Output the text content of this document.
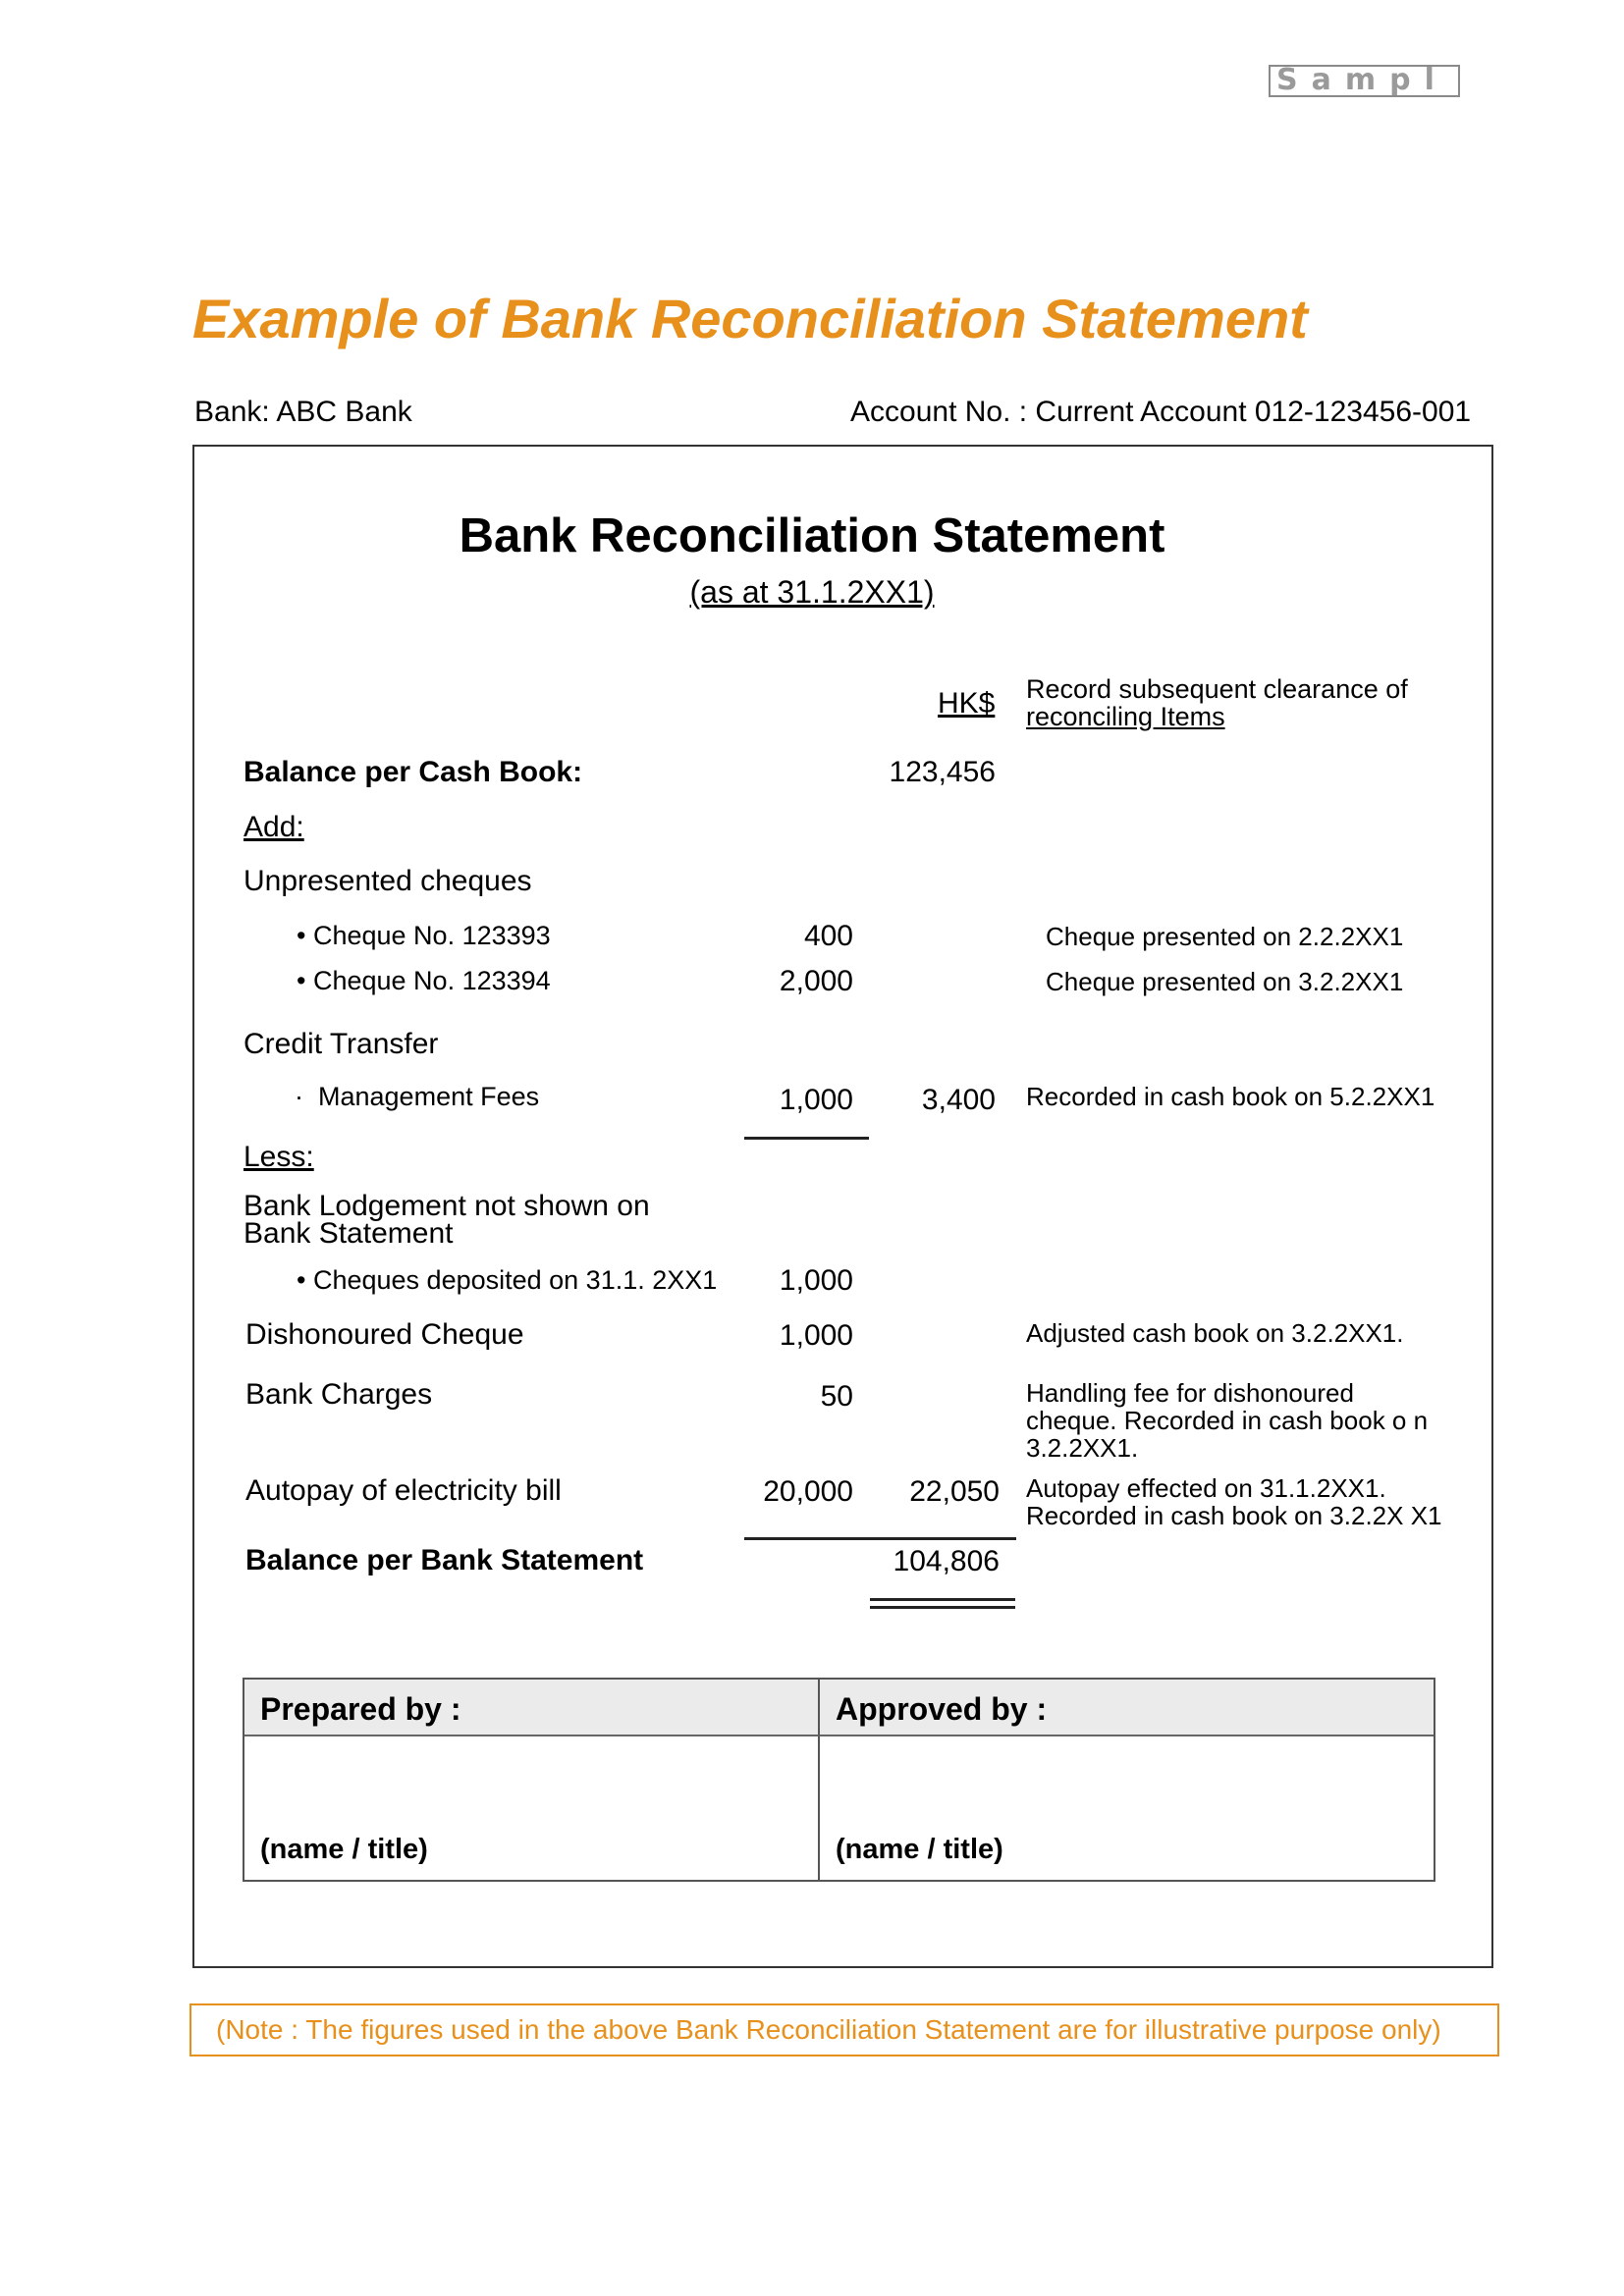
Sampl
Example of Bank Reconciliation Statement
Bank: ABC Bank	Account No. : Current Account 012-123456-001
Bank Reconciliation Statement
(as at 31.1.2XX1)
HK$ Record subsequent clearance of
reconciling Items
Balance per Cash Book:	123,456
Add:
Unpresented cheques
• Cheque No. 123393	400	Cheque presented on 2.2.2XX1
• Cheque No. 123394	2,000	Cheque presented on 3.2.2XX1
Credit Transfer
·  Management Fees	1,000 3,400 Recorded in cash book on 5.2.2XX1
Less:
Bank Lodgement not shown on
Bank Statement
• Cheques deposited on 31.1. 2XX1 1,000
Dishonoured Cheque	1,000	Adjusted cash book on 3.2.2XX1.
Bank Charges	50	Handling fee for dishonoured
cheque. Recorded in cash book o n
3.2.2XX1.
Autopay of electricity bill	20,000 22,050 Autopay effected on 31.1.2XX1.
Recorded in cash book on 3.2.2X X1
Balance per Bank Statement	104,806
Prepared by :	Approved by :
(name / title)	(name / title)
(Note : The figures used in the above Bank Reconciliation Statement are for illustrative purpose only)
